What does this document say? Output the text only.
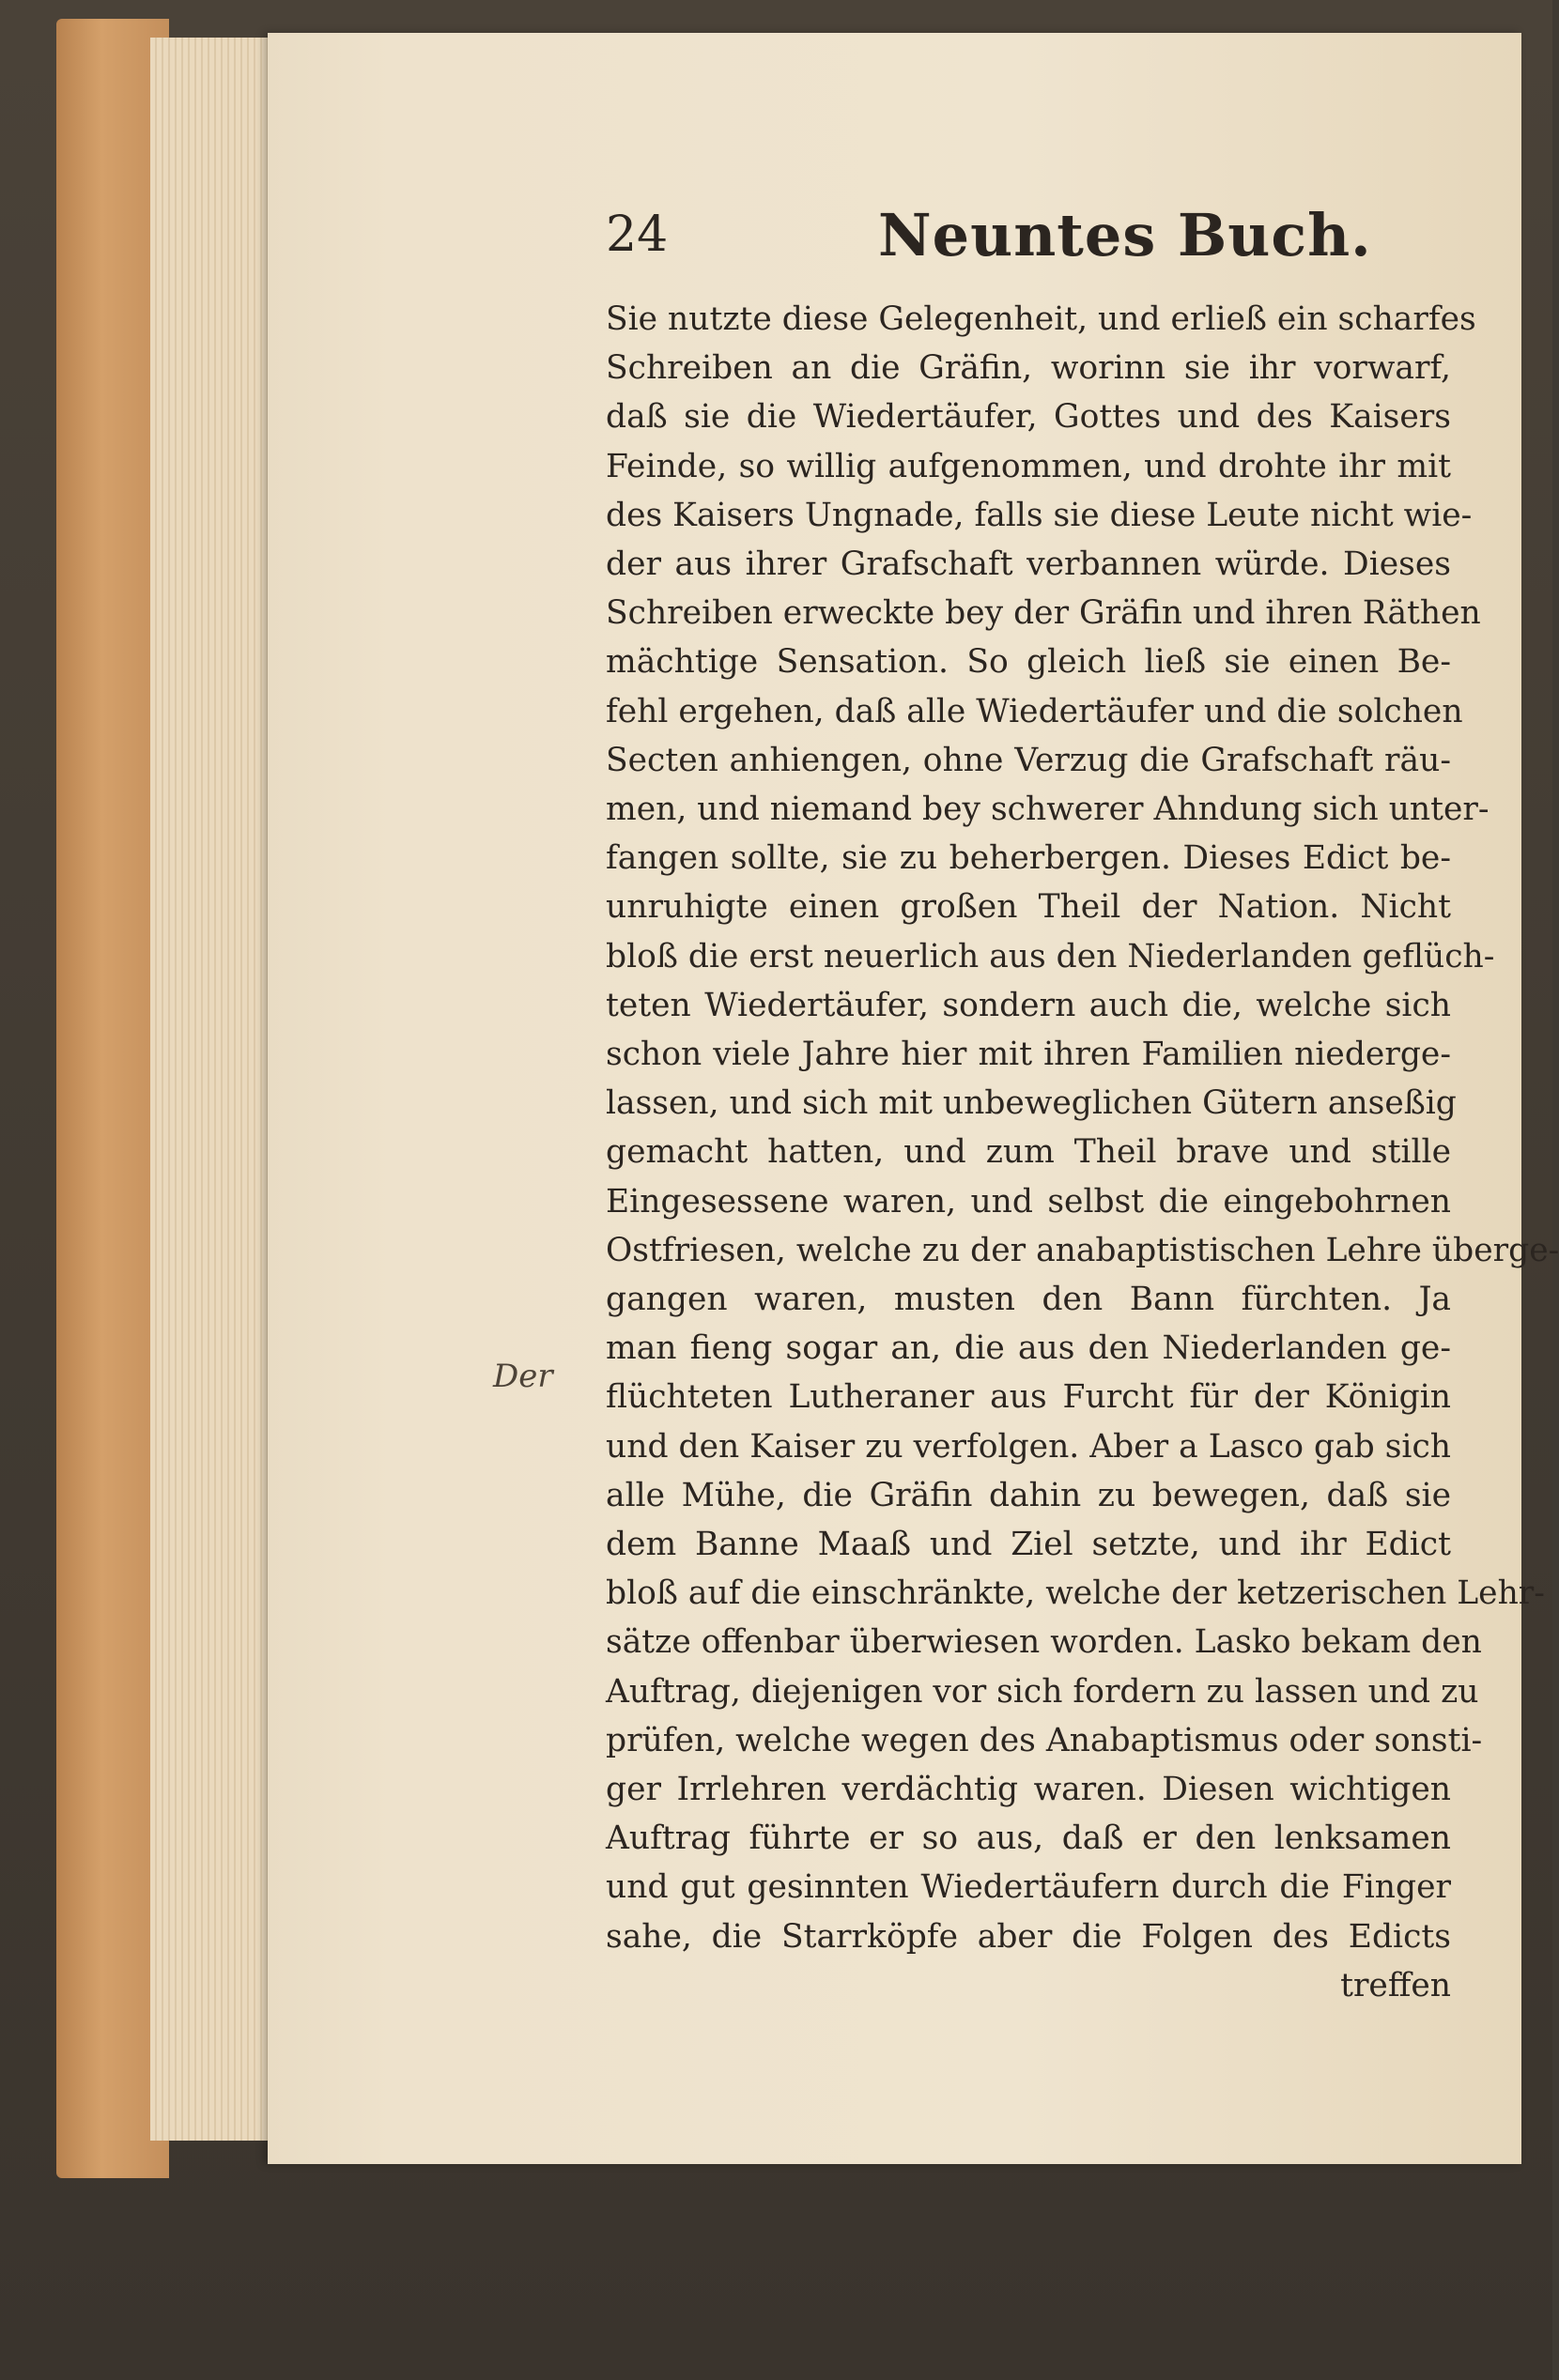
24	Neuntes Buch.
Der
Sie nutzte diese Gelegenheit, und erließ ein scharfes
Schreiben an die Gräfin, worinn sie ihr vorwarf,
daß sie die Wiedertäufer, Gottes und des Kaisers
Feinde, so willig aufgenommen, und drohte ihr mit
des Kaisers Ungnade, falls sie diese Leute nicht wie-
der aus ihrer Grafschaft verbannen würde. Dieses
Schreiben erweckte bey der Gräfin und ihren Räthen
mächtige Sensation. So gleich ließ sie einen Be-
fehl ergehen, daß alle Wiedertäufer und die solchen
Secten anhiengen, ohne Verzug die Grafschaft räu-
men, und niemand bey schwerer Ahndung sich unter-
fangen sollte, sie zu beherbergen. Dieses Edict be-
unruhigte einen großen Theil der Nation. Nicht
bloß die erst neuerlich aus den Niederlanden geflüch-
teten Wiedertäufer, sondern auch die, welche sich
schon viele Jahre hier mit ihren Familien niederge-
lassen, und sich mit unbeweglichen Gütern anseßig
gemacht hatten, und zum Theil brave und stille
Eingesessene waren, und selbst die eingebohrnen
Ostfriesen, welche zu der anabaptistischen Lehre überge-
gangen waren, musten den Bann fürchten. Ja
man fieng sogar an, die aus den Niederlanden ge-
flüchteten Lutheraner aus Furcht für der Königin
und den Kaiser zu verfolgen. Aber a Lasco gab sich
alle Mühe, die Gräfin dahin zu bewegen, daß sie
dem Banne Maaß und Ziel setzte, und ihr Edict
bloß auf die einschränkte, welche der ketzerischen Lehr-
sätze offenbar überwiesen worden. Lasko bekam den
Auftrag, diejenigen vor sich fordern zu lassen und zu
prüfen, welche wegen des Anabaptismus oder sonsti-
ger Irrlehren verdächtig waren. Diesen wichtigen
Auftrag führte er so aus, daß er den lenksamen
und gut gesinnten Wiedertäufern durch die Finger
sahe, die Starrköpfe aber die Folgen des Edicts
treffen
